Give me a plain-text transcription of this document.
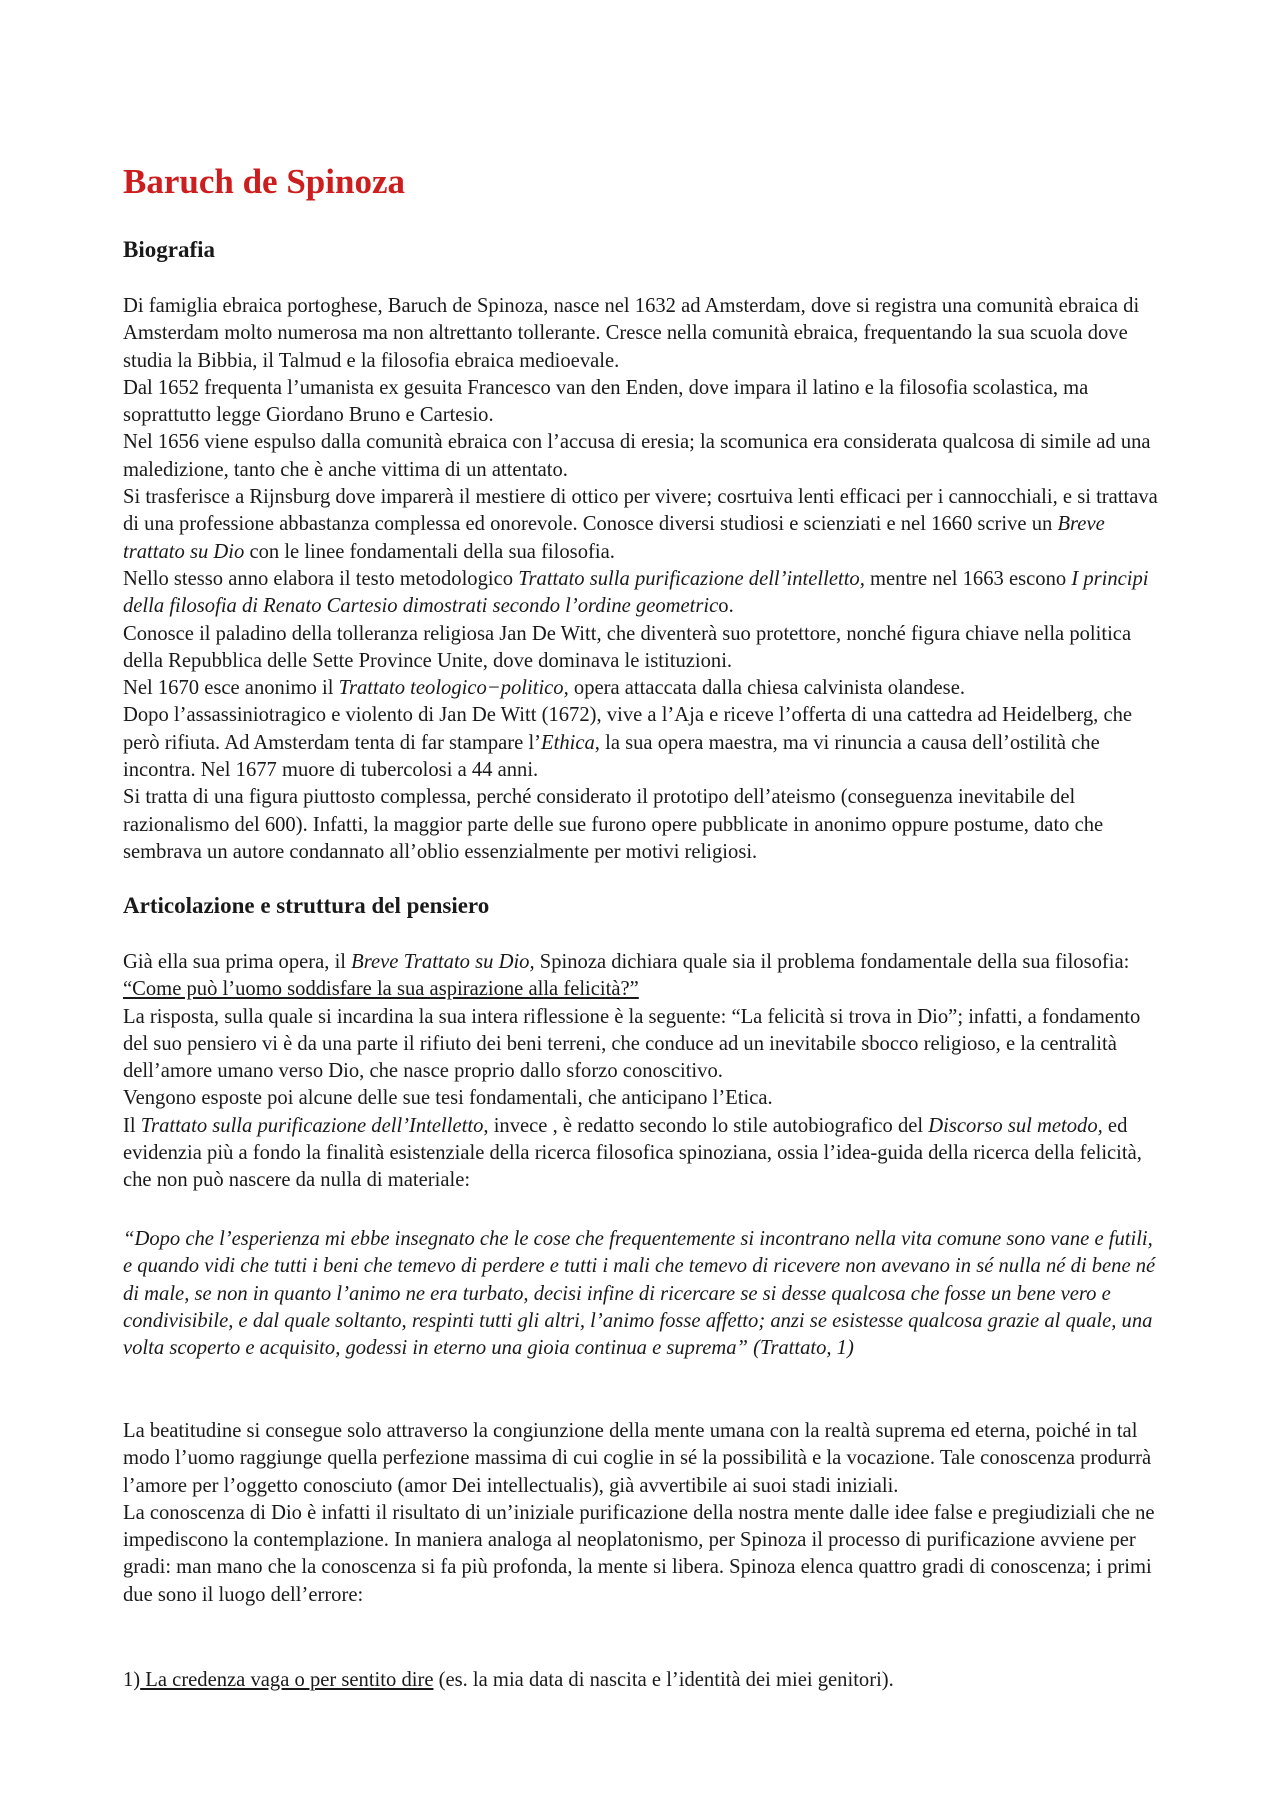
Baruch de Spinoza
Biografia

Di famiglia ebraica portoghese, Baruch de Spinoza, nasce nel 1632 ad Amsterdam, dove si registra una comunità ebraica di Amsterdam molto numerosa ma non altrettanto tollerante. Cresce nella comunità ebraica, frequentando la sua scuola dove studia la Bibbia, il Talmud e la filosofia ebraica medioevale.

Dal 1652 frequenta l’umanista ex gesuita Francesco van den Enden, dove impara il latino e la filosofia scolastica, ma soprattutto legge Giordano Bruno e Cartesio.

Nel 1656 viene espulso dalla comunità ebraica con l’accusa di eresia; la scomunica era considerata qualcosa di simile ad una maledizione, tanto che è anche vittima di un attentato.

Si trasferisce a Rijnsburg dove imparerà il mestiere di ottico per vivere; cosrtuiva lenti efficaci per i cannocchiali, e si trattava di una professione abbastanza complessa ed onorevole. Conosce diversi studiosi e scienziati e nel 1660 scrive un Breve trattato su Dio con le linee fondamentali della sua filosofia.

Nello stesso anno elabora il testo metodologico Trattato sulla purificazione dell’intelletto, mentre nel 1663 escono I principi della filosofia di Renato Cartesio dimostrati secondo l’ordine geometrico.

Conosce il paladino della tolleranza religiosa Jan De Witt, che diventerà suo protettore, nonché figura chiave nella politica della Repubblica delle Sette Province Unite, dove dominava le istituzioni.

Nel 1670 esce anonimo il Trattato teologico−politico, opera attaccata dalla chiesa calvinista olandese.

Dopo l’assassiniotragico e violento di Jan De Witt (1672), vive a l’Aja e riceve l’offerta di una cattedra ad Heidelberg, che però rifiuta. Ad Amsterdam tenta di far stampare l’Ethica, la sua opera maestra, ma vi rinuncia a causa dell’ostilità che incontra. Nel 1677 muore di tubercolosi a 44 anni.

Si tratta di una figura piuttosto complessa, perché considerato il prototipo dell’ateismo (conseguenza inevitabile del razionalismo del 600). Infatti, la maggior parte delle sue furono opere pubblicate in anonimo oppure postume, dato che sembrava un autore condannato all’oblio essenzialmente per motivi religiosi.

Articolazione e struttura del pensiero

Già ella sua prima opera, il Breve Trattato su Dio, Spinoza dichiara quale sia il problema fondamentale della sua filosofia: “Come può l’uomo soddisfare la sua aspirazione alla felicità?”

La risposta, sulla quale si incardina la sua intera riflessione è la seguente: “La felicità si trova in Dio”; infatti, a fondamento del suo pensiero vi è da una parte il rifiuto dei beni terreni, che conduce ad un inevitabile sbocco religioso, e la centralità dell’amore umano verso Dio, che nasce proprio dallo sforzo conoscitivo.

Vengono esposte poi alcune delle sue tesi fondamentali, che anticipano l’Etica.

Il Trattato sulla purificazione dell’Intelletto, invece , è redatto secondo lo stile autobiografico del Discorso sul metodo, ed evidenzia più a fondo la finalità esistenziale della ricerca filosofica spinoziana, ossia l’idea-guida della ricerca della felicità, che non può nascere da nulla di materiale:

“Dopo che l’esperienza mi ebbe insegnato che le cose che frequentemente si incontrano nella vita comune sono vane e futili, e quando vidi che tutti i beni che temevo di perdere e tutti i mali che temevo di ricevere non avevano in sé nulla né di bene né di male, se non in quanto l’animo ne era turbato, decisi infine di ricercare se si desse qualcosa che fosse un bene vero e condivisibile, e dal quale soltanto, respinti tutti gli altri, l’animo fosse affetto; anzi se esistesse qualcosa grazie al quale, una volta scoperto e acquisito, godessi in eterno una gioia continua e suprema” (Trattato, 1)

La beatitudine si consegue solo attraverso la congiunzione della mente umana con la realtà suprema ed eterna, poiché in tal modo l’uomo raggiunge quella perfezione massima di cui coglie in sé la possibilità e la vocazione. Tale conoscenza produrrà l’amore per l’oggetto conosciuto (amor Dei intellectualis), già avvertibile ai suoi stadi iniziali.

La conoscenza di Dio è infatti il risultato di un’iniziale purificazione della nostra mente dalle idee false e pregiudiziali che ne impediscono la contemplazione. In maniera analoga al neoplatonismo, per Spinoza il processo di purificazione avviene per gradi: man mano che la conoscenza si fa più profonda, la mente si libera. Spinoza elenca quattro gradi di conoscenza; i primi due sono il luogo dell’errore:

1) La credenza vaga o per sentito dire (es. la mia data di nascita e l’identità dei miei genitori).
